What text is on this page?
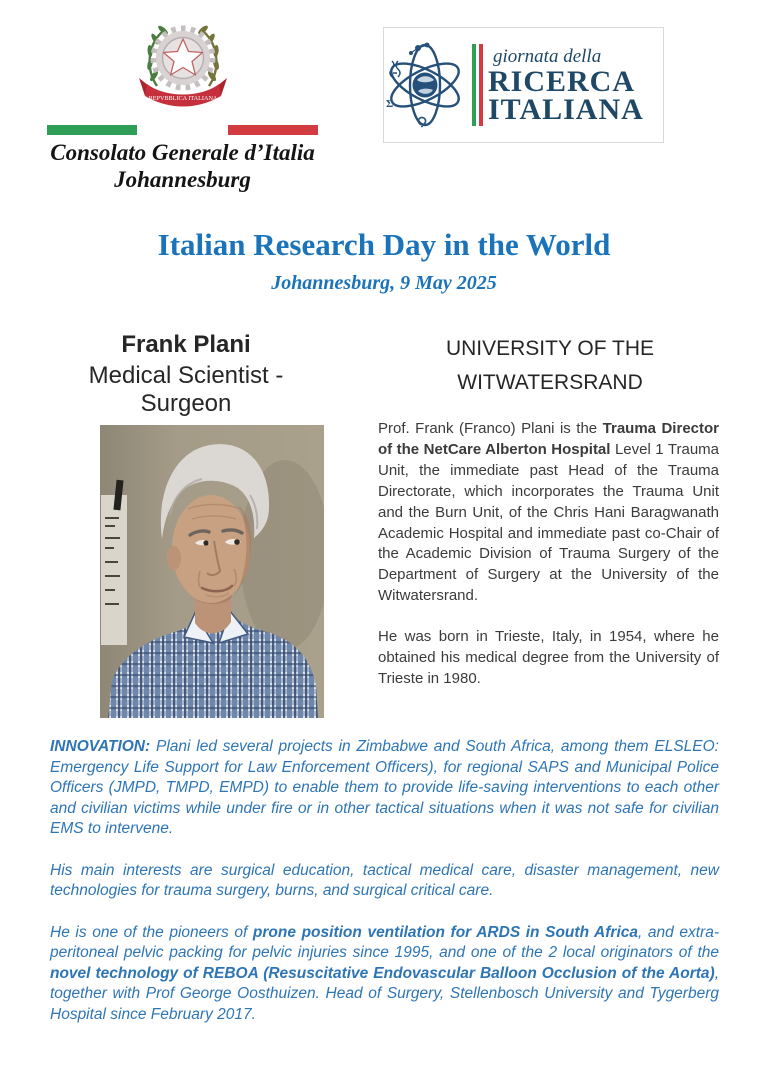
REPVBBLICA ITALIANA
Consolato Generale d’Italia
Johannesburg
Σ
giornata della
RICERCA
ITALIANA
Italian Research Day in the World
Johannesburg, 9 May 2025
Frank Plani
Medical Scientist - Surgeon
UNIVERSITY OF THE
WITWATERSRAND

Prof. Frank (Franco) Plani is the Trauma Director of the NetCare Alberton Hospital Level 1 Trauma Unit, the immediate past Head of the Trauma Directorate, which incorporates the Trauma Unit and the Burn Unit, of the Chris Hani Baragwanath Academic Hospital and immediate past co-Chair of the Academic Division of Trauma Surgery of the Department of Surgery at the University of the Witwatersrand.

He was born in Trieste, Italy, in 1954, where he obtained his medical degree from the University of Trieste in 1980.

INNOVATION: Plani led several projects in Zimbabwe and South Africa, among them ELSLEO: Emergency Life Support for Law Enforcement Officers), for regional SAPS and Municipal Police Officers (JMPD, TMPD, EMPD) to enable them to provide life-saving interventions to each other and civilian victims while under fire or in other tactical situations when it was not safe for civilian EMS to intervene.

His main interests are surgical education, tactical medical care, disaster management, new technologies for trauma surgery, burns, and surgical critical care.

He is one of the pioneers of prone position ventilation for ARDS in South Africa, and extra-peritoneal pelvic packing for pelvic injuries since 1995, and one of the 2 local originators of the novel technology of REBOA (Resuscitative Endovascular Balloon Occlusion of the Aorta), together with Prof George Oosthuizen. Head of Surgery, Stellenbosch University and Tygerberg Hospital since February 2017.
